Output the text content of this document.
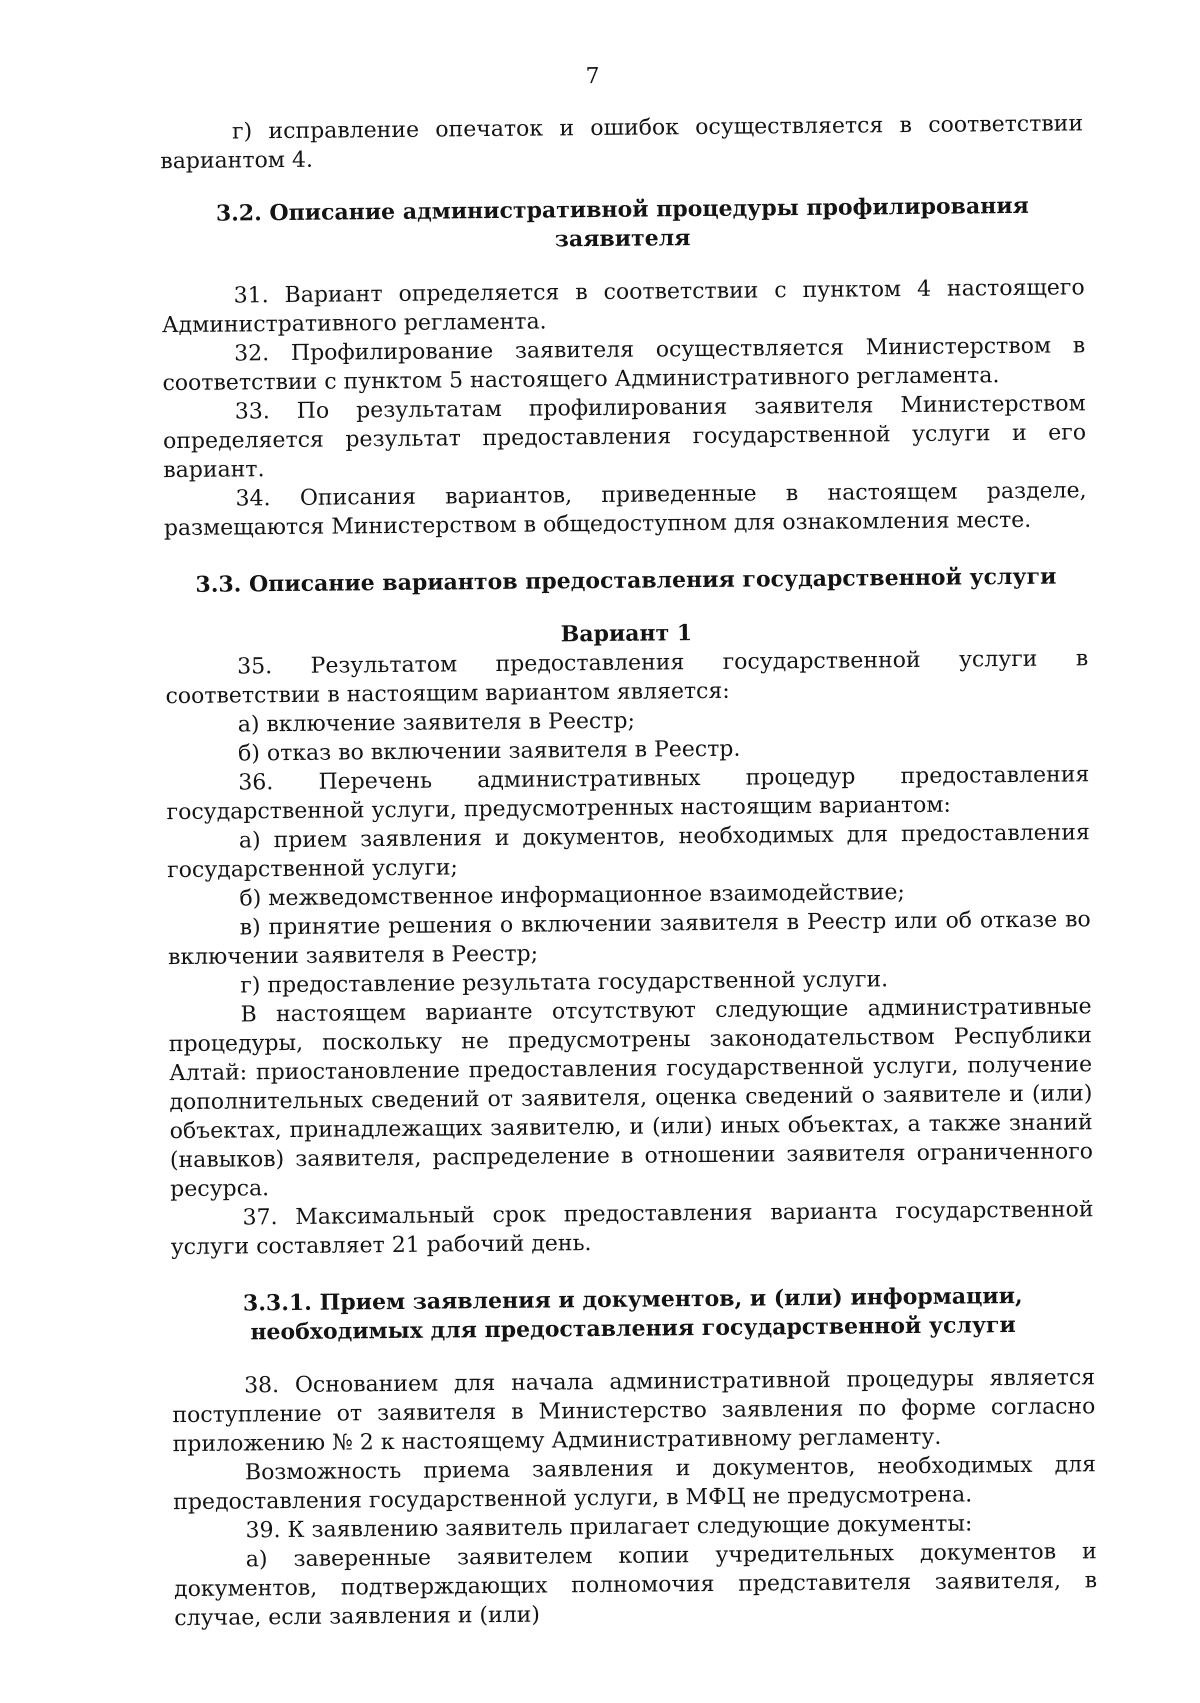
7

г) исправление опечаток и ошибок осуществляется в соответствии вариантом 4.

3.2. Описание административной процедуры профилирования заявителя

31. Вариант определяется в соответствии с пунктом 4 настоящего Административного регламента.

32. Профилирование заявителя осуществляется Министерством в соответствии с пунктом 5 настоящего Административного регламента.

33. По результатам профилирования заявителя Министерством определяется результат предоставления государственной услуги и его вариант.

34. Описания вариантов, приведенные в настоящем разделе, размещаются Министерством в общедоступном для ознакомления месте.

3.3. Описание вариантов предоставления государственной услуги

Вариант 1

35. Результатом предоставления государственной услуги в соответствии в настоящим вариантом является:

а) включение заявителя в Реестр;

б) отказ во включении заявителя в Реестр.

36. Перечень административных процедур предоставления государственной услуги, предусмотренных настоящим вариантом:

а) прием заявления и документов, необходимых для предоставления государственной услуги;

б) межведомственное информационное взаимодействие;

в) принятие решения о включении заявителя в Реестр или об отказе во включении заявителя в Реестр;

г) предоставление результата государственной услуги.

В настоящем варианте отсутствуют следующие административные процедуры, поскольку не предусмотрены законодательством Республики Алтай: приостановление предоставления государственной услуги, получение дополнительных сведений от заявителя, оценка сведений о заявителе и (или) объектах, принадлежащих заявителю, и (или) иных объектах, а также знаний (навыков) заявителя, распределение в отношении заявителя ограниченного ресурса.

37. Максимальный срок предоставления варианта государственной услуги составляет 21 рабочий день.

3.3.1. Прием заявления и документов, и (или) информации,

необходимых для предоставления государственной услуги

38. Основанием для начала административной процедуры является поступление от заявителя в Министерство заявления по форме согласно приложению № 2 к настоящему Административному регламенту.

Возможность приема заявления и документов, необходимых для предоставления государственной услуги, в МФЦ не предусмотрена.

39. К заявлению заявитель прилагает следующие документы:

а) заверенные заявителем копии учредительных документов и документов, подтверждающих полномочия представителя заявителя, в случае, если заявления и (или)
